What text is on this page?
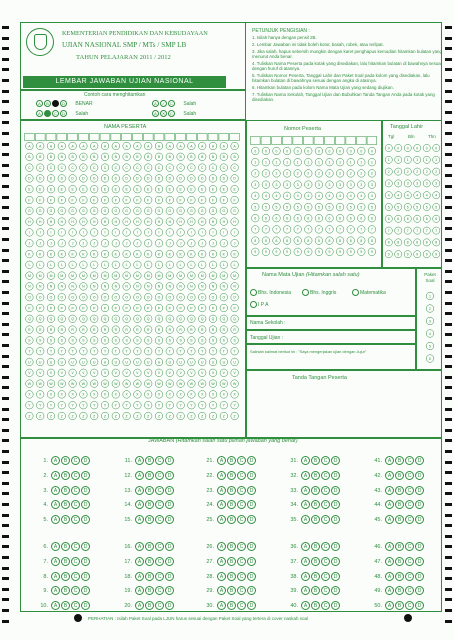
KEMENTERIAN PENDIDIKAN DAN KEBUDAYAAN
UJIAN NASIONAL SMP / MTs / SMP LB
TAHUN PELAJARAN 2011 / 2012
LEMBAR JAWABAN UJIAN NASIONAL
PETUNJUK PENGISIAN :
1. Isilah hanya dengan pensil 2B.
2. Lembar Jawaban ini tidak boleh kotor, basah, robek, atau terlipat.
3. Jika salah, hapus sebersih mungkin dengan karet penghapus kemudian hitamkan bulatan yang menurut Anda benar.
4. Tuliskan Nama Peserta pada kotak yang disediakan, lalu hitamkan bulatan di bawahnya sesuai dengan huruf di atasnya.
5. Tuliskan Nomor Peserta, Tanggal Lahir dan Paket Soal pada kolom yang disediakan, lalu hitamkan bulatan di bawahnya sesuai dengan angka di atasnya.
6. Hitamkan bulatan pada kolom Nama Mata Ujian yang sedang diujikan.
7. Tuliskan Nama Sekolah, Tanggal Ujian dan Bubuhkan Tanda Tangan Anda pada kotak yang disediakan.
Contoh cara menghitamkan
A B	D BENAR
A	C D Salah
A ✓ C Salah
A ✕ C Salah
NAMA PESERTA
A
B
C
D
E
F
G
H
I
J
K
L
M
N
O
P
Q
R
S
T
U
V
W
X
Y
Z
A
B
C
D
E
F
G
H
I
J
K
L
M
N
O
P
Q
R
S
T
U
V
W
X
Y
Z
A
B
C
D
E
F
G
H
I
J
K
L
M
N
O
P
Q
R
S
T
U
V
W
X
Y
Z
A
B
C
D
E
F
G
H
I
J
K
L
M
N
O
P
Q
R
S
T
U
V
W
X
Y
Z
A
B
C
D
E
F
G
H
I
J
K
L
M
N
O
P
Q
R
S
T
U
V
W
X
Y
Z
A
B
C
D
E
F
G
H
I
J
K
L
M
N
O
P
Q
R
S
T
U
V
W
X
Y
Z
A
B
C
D
E
F
G
H
I
J
K
L
M
N
O
P
Q
R
S
T
U
V
W
X
Y
Z
A
B
C
D
E
F
G
H
I
J
K
L
M
N
O
P
Q
R
S
T
U
V
W
X
Y
Z
A
B
C
D
E
F
G
H
I
J
K
L
M
N
O
P
Q
R
S
T
U
V
W
X
Y
Z
A
B
C
D
E
F
G
H
I
J
K
L
M
N
O
P
Q
R
S
T
U
V
W
X
Y
Z
A
B
C
D
E
F
G
H
I
J
K
L
M
N
O
P
Q
R
S
T
U
V
W
X
Y
Z
A
B
C
D
E
F
G
H
I
J
K
L
M
N
O
P
Q
R
S
T
U
V
W
X
Y
Z
A
B
C
D
E
F
G
H
I
J
K
L
M
N
O
P
Q
R
S
T
U
V
W
X
Y
Z
A
B
C
D
E
F
G
H
I
J
K
L
M
N
O
P
Q
R
S
T
U
V
W
X
Y
Z
A
B
C
D
E
F
G
H
I
J
K
L
M
N
O
P
Q
R
S
T
U
V
W
X
Y
Z
A
B
C
D
E
F
G
H
I
J
K
L
M
N
O
P
Q
R
S
T
U
V
W
X
Y
Z
A
B
C
D
E
F
G
H
I
J
K
L
M
N
O
P
Q
R
S
T
U
V
W
X
Y
Z
A
B
C
D
E
F
G
H
I
J
K
L
M
N
O
P
Q
R
S
T
U
V
W
X
Y
Z
A
B
C
D
E
F
G
H
I
J
K
L
M
N
O
P
Q
R
S
T
U
V
W
X
Y
Z
A
B
C
D
E
F
G
H
I
J
K
L
M
N
O
P
Q
R
S
T
U
V
W
X
Y
Z
Nomor Peserta
0
1
2
3
4
5
6
7
8
9
0
1
2
3
4
5
6
7
8
9
0
1
2
3
4
5
6
7
8
9
0
1
2
3
4
5
6
7
8
9
0
1
2
3
4
5
6
7
8
9
0
1
2
3
4
5
6
7
8
9
0
1
2
3
4
5
6
7
8
9
0
1
2
3
4
5
6
7
8
9
0
1
2
3
4
5
6
7
8
9
0
1
2
3
4
5
6
7
8
9
0
1
2
3
4
5
6
7
8
9
0
1
2
3
4
5
6
7
8
9
Tanggal Lahir
Tgl	Bln	Thn
0
1
2
3
4
5
6
7
8
9
0
1
2
3
4
5
6
7
8
9
0
1
2
3
4
5
6
7
8
9
0
1
2
3
4
5
6
7
8
9
0
1
2
3
4
5
6
7
8
9
0
1
2
3
4
5
6
7
8
9
Nama Mata Ujian (Hitamkan salah satu)
Bhs. Indonesia	Bhs. Inggris	Matematika
I P A
Paket Soal
1
2
3
4
5
6
Nama Sekolah :
Tanggal Ujian :
Salinlah kalimat berikut ini : "Saya mengerjakan ujian dengan Jujur"
Tanda Tangan Peserta
JAWABAN (Hitamkan salah satu pilihan jawaban yang benar)
PERHATIAN : Isilah Paket Soal pada LJUN harus sesuai dengan Paket Soal yang tertera di cover naskah soal
1. A B C D
2. A B C D
3. A B C D
4. A B C D
5. A B C D
6. A B C D
7. A B C D
8. A B C D
9. A B C D
10. A B C D
11. A B C D
12. A B C D
13. A B C D
14. A B C D
15. A B C D
16. A B C D
17. A B C D
18. A B C D
19. A B C D
20. A B C D
21. A B C D
22. A B C D
23. A B C D
24. A B C D
25. A B C D
26. A B C D
27. A B C D
28. A B C D
29. A B C D
30. A B C D
31. A B C D
32. A B C D
33. A B C D
34. A B C D
35. A B C D
36. A B C D
37. A B C D
38. A B C D
39. A B C D
40. A B C D
41. A B C D
42. A B C D
43. A B C D
44. A B C D
45. A B C D
46. A B C D
47. A B C D
48. A B C D
49. A B C D
50. A B C D
